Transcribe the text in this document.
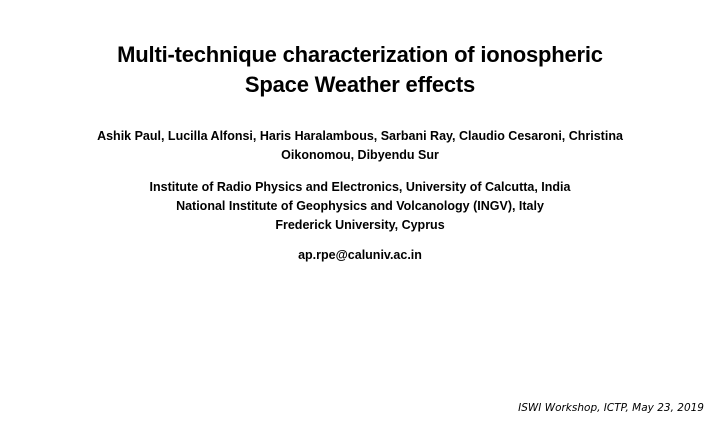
Multi-technique characterization of ionospheric
Space Weather effects
Ashik Paul, Lucilla Alfonsi, Haris Haralambous, Sarbani Ray, Claudio Cesaroni, Christina
Oikonomou, Dibyendu Sur
Institute of Radio Physics and Electronics, University of Calcutta, India
National Institute of Geophysics and Volcanology (INGV), Italy
Frederick University, Cyprus
ap.rpe@caluniv.ac.in
ISWI Workshop, ICTP, May 23, 2019
